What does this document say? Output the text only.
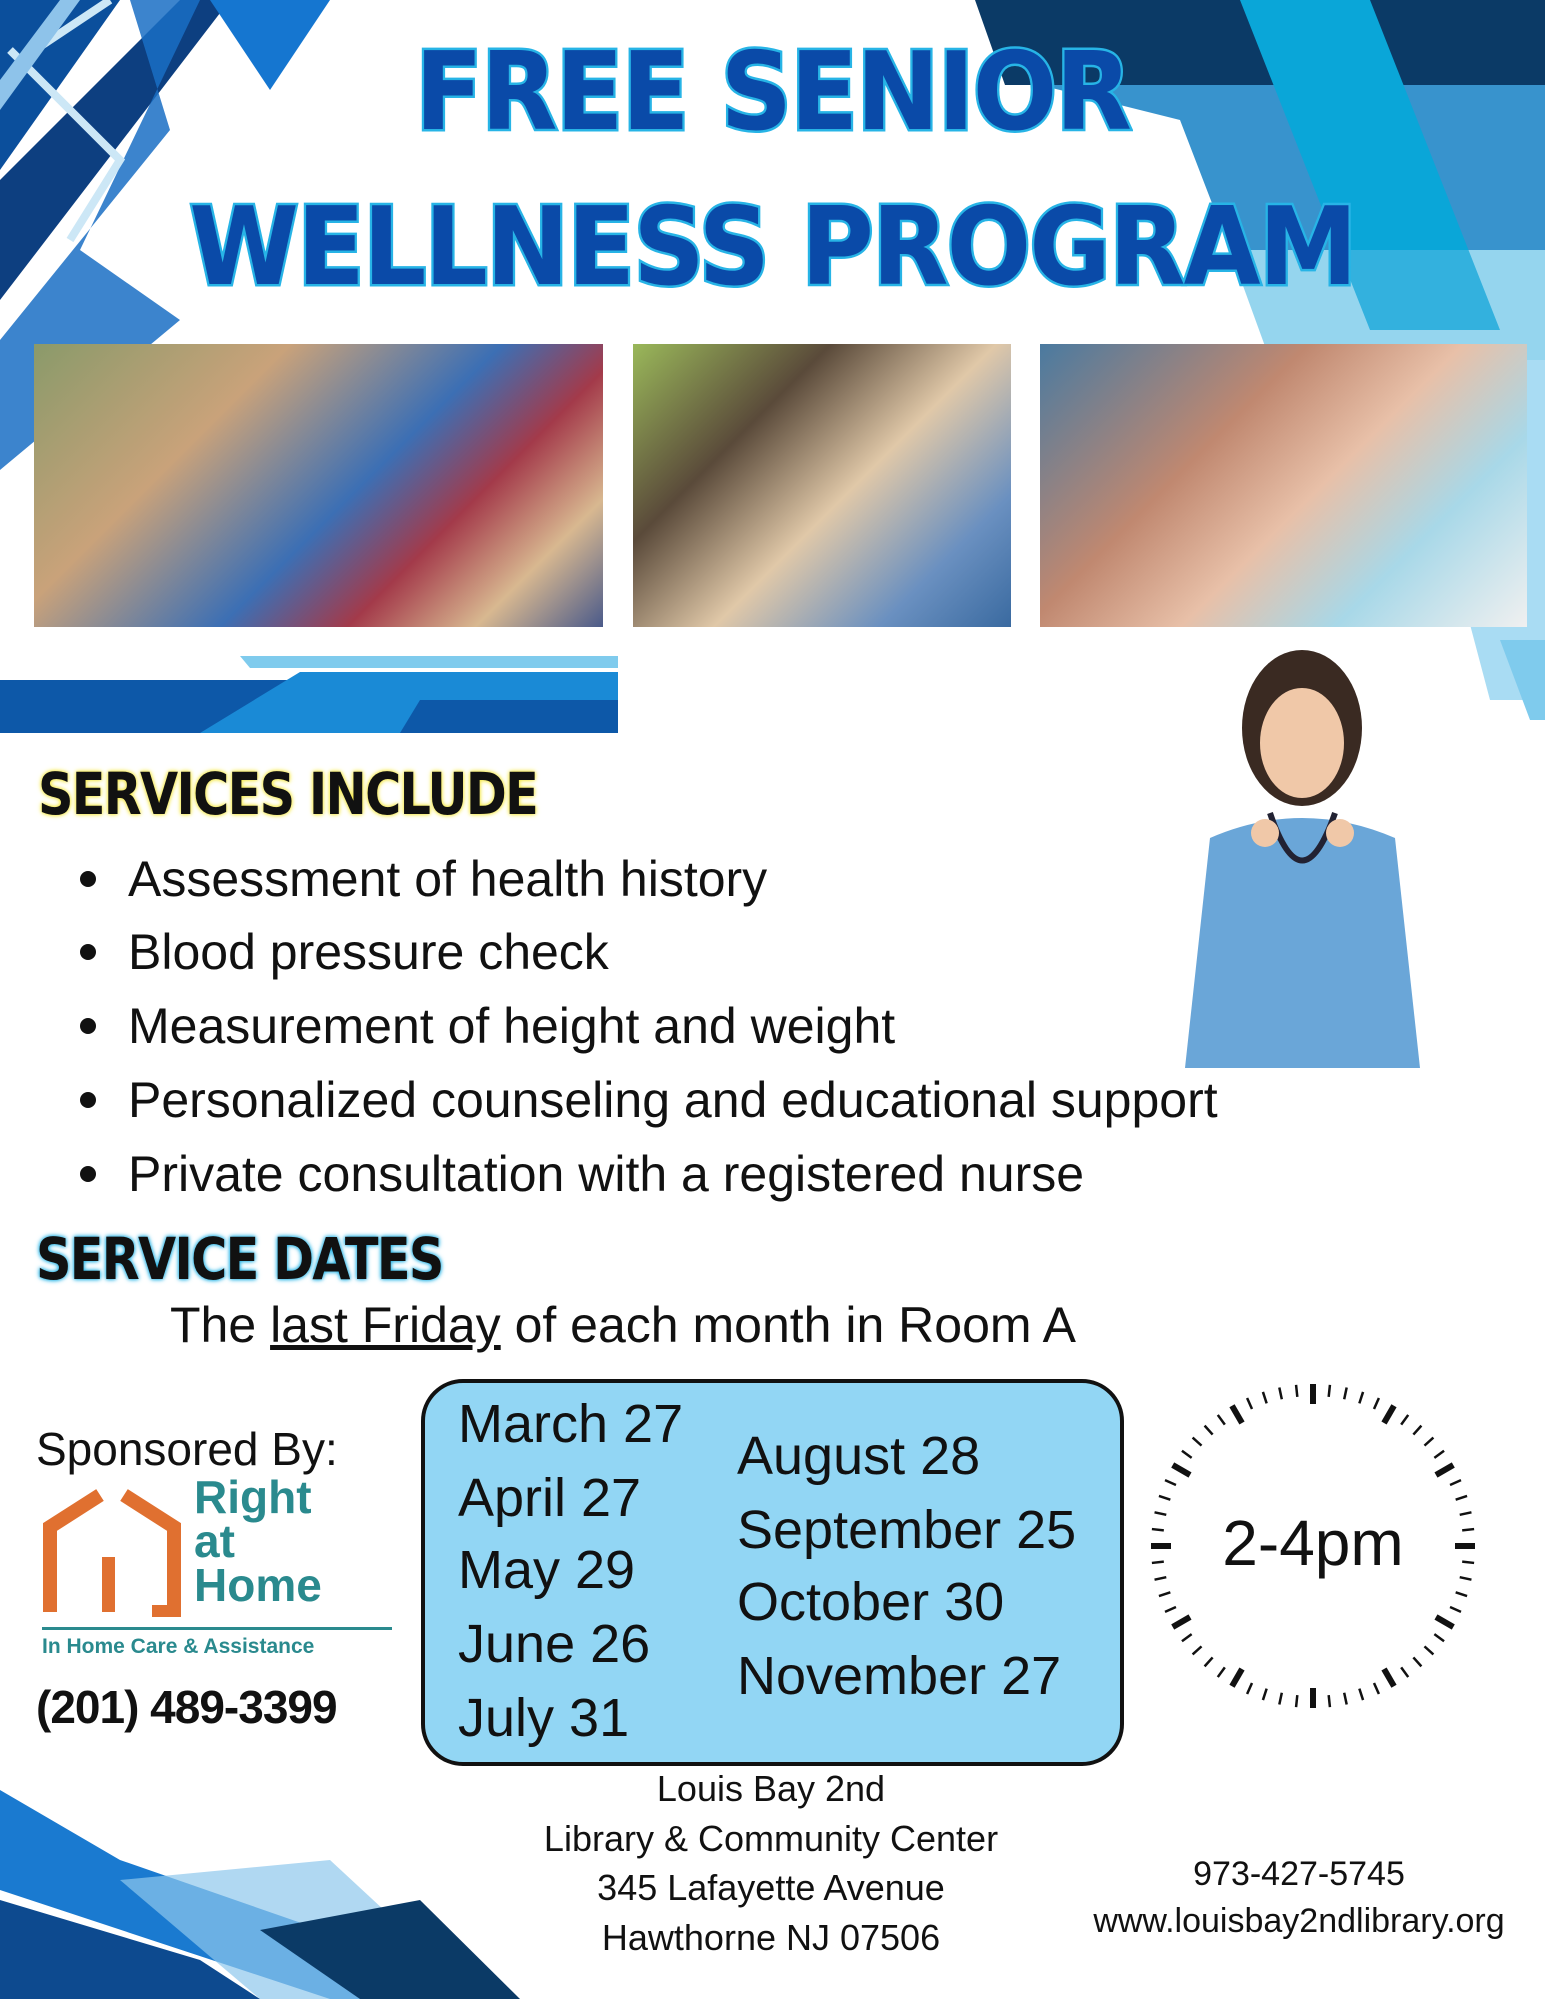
FREE SENIOR
WELLNESS PROGRAM
SERVICES INCLUDE
Assessment of health history
Blood pressure check
Measurement of height and weight
Personalized counseling and educational support
Private consultation with a registered nurse
SERVICE DATES
The last Friday of each month in Room A
Sponsored By:
Right
at
Home
In Home Care & Assistance
(201) 489-3399
March 27
April 27
May 29
June 26
July 31
August 28
September 25
October 30
November 27
2-4pm
Louis Bay 2nd
Library & Community Center
345 Lafayette Avenue
Hawthorne NJ 07506
973-427-5745
www.louisbay2ndlibrary.org
